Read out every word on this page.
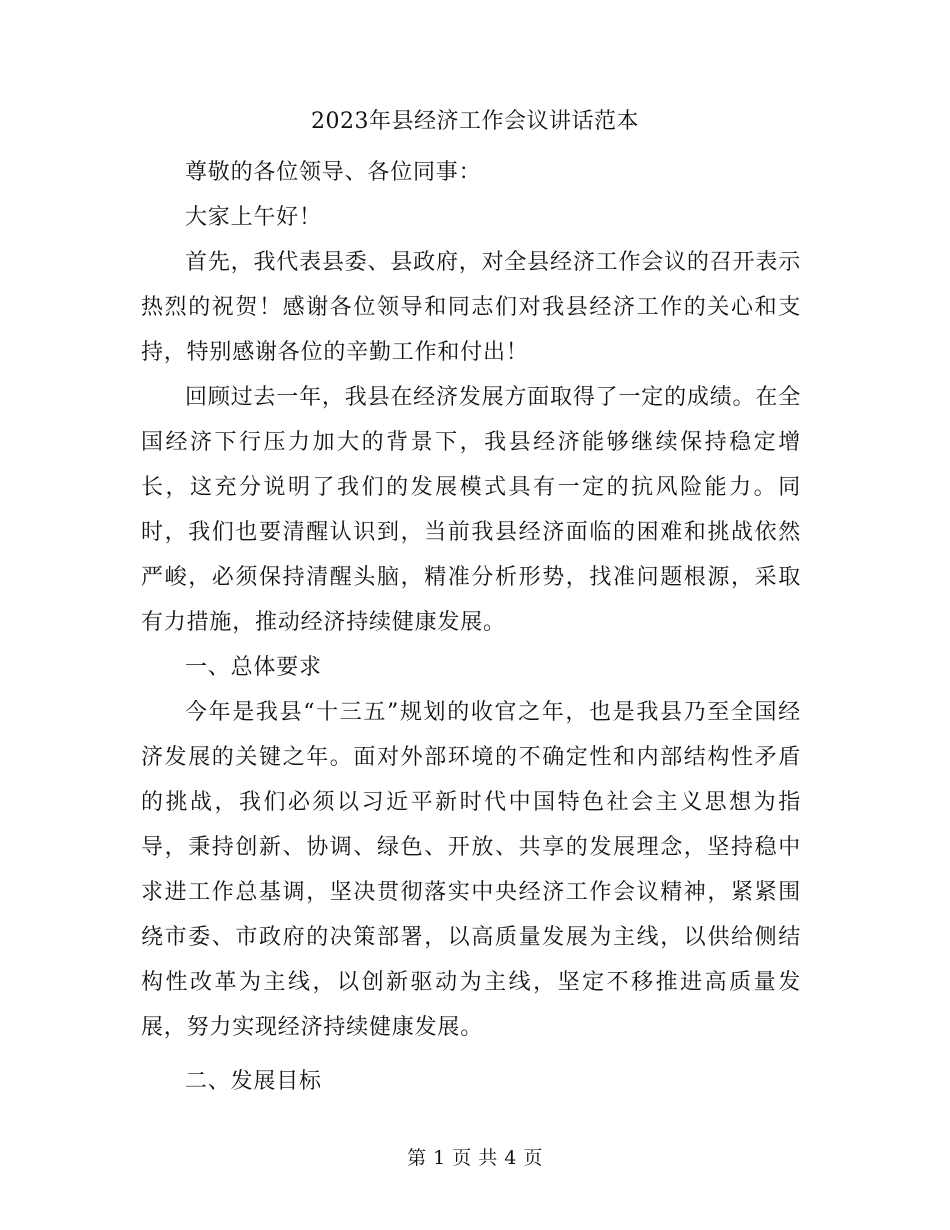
2023年县经济工作会议讲话范本

尊敬的各位领导、各位同事：

大家上午好！

首先，我代表县委、县政府，对全县经济工作会议的召开表示热烈的祝贺！感谢各位领导和同志们对我县经济工作的关心和支持，特别感谢各位的辛勤工作和付出！

回顾过去一年，我县在经济发展方面取得了一定的成绩。在全国经济下行压力加大的背景下，我县经济能够继续保持稳定增长，这充分说明了我们的发展模式具有一定的抗风险能力。同时，我们也要清醒认识到，当前我县经济面临的困难和挑战依然严峻，必须保持清醒头脑，精准分析形势，找准问题根源，采取有力措施，推动经济持续健康发展。

一、总体要求

今年是我县“十三五”规划的收官之年，也是我县乃至全国经济发展的关键之年。面对外部环境的不确定性和内部结构性矛盾的挑战，我们必须以习近平新时代中国特色社会主义思想为指导，秉持创新、协调、绿色、开放、共享的发展理念，坚持稳中求进工作总基调，坚决贯彻落实中央经济工作会议精神，紧紧围绕市委、市政府的决策部署，以高质量发展为主线，以供给侧结构性改革为主线，以创新驱动为主线，坚定不移推进高质量发展，努力实现经济持续健康发展。

二、发展目标

第 1 页 共 4 页
